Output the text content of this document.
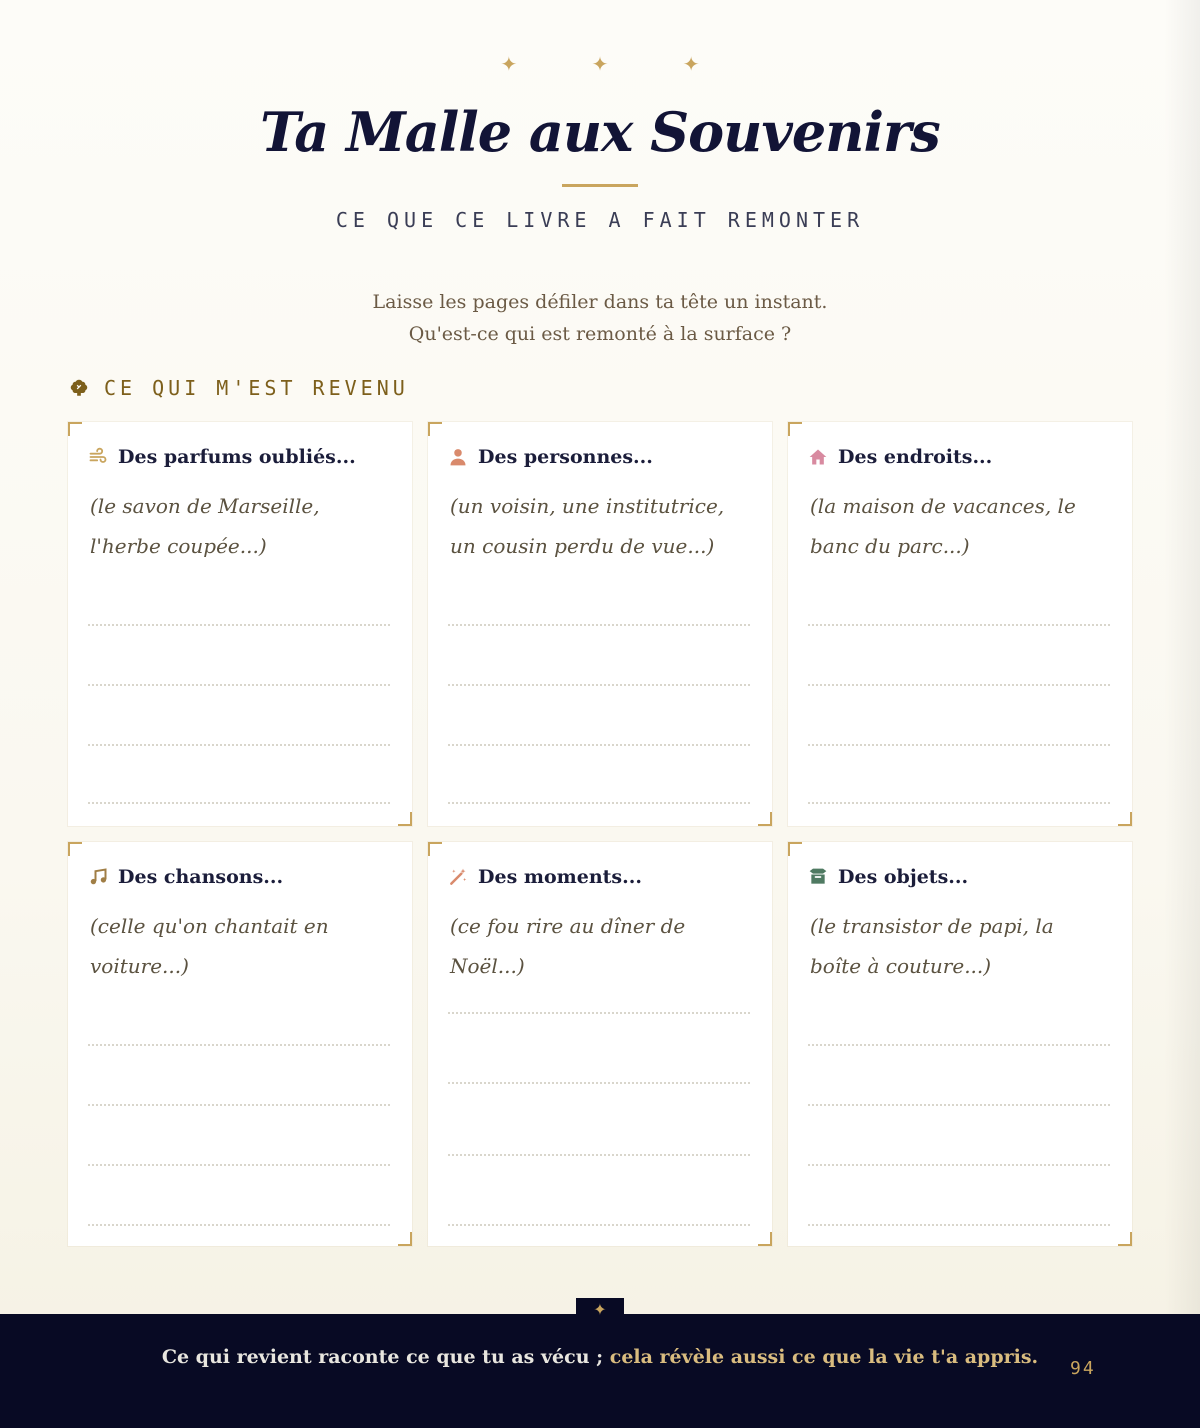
✦ ✦ ✦
Ta Malle aux Souvenirs
CE QUE CE LIVRE A FAIT REMONTER
Laisse les pages défiler dans ta tête un instant.
Qu'est-ce qui est remonté à la surface ?
CE QUI M'EST REVENU
Des parfums oubliés...
(le savon de Marseille, l'herbe coupée...)
Des personnes...
(un voisin, une institutrice, un cousin perdu de vue...)
Des endroits...
(la maison de vacances, le banc du parc...)
Des chansons...
(celle qu'on chantait en voiture...)
Des moments...
(ce fou rire au dîner de Noël...)
Des objets...
(le transistor de papi, la boîte à couture...)
✦
Ce qui revient raconte ce que tu as vécu ; cela révèle aussi ce que la vie t'a appris.
94
